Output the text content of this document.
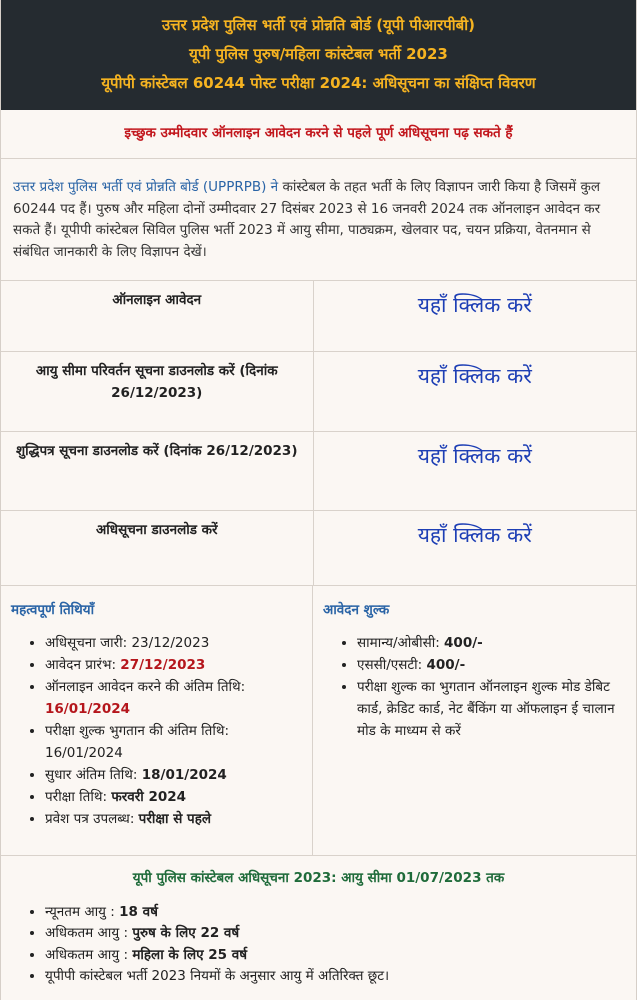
उत्तर प्रदेश पुलिस भर्ती एवं प्रोन्नति बोर्ड (यूपी पीआरपीबी)
यूपी पुलिस पुरुष/महिला कांस्टेबल भर्ती 2023
यूपीपी कांस्टेबल 60244 पोस्ट परीक्षा 2024: अधिसूचना का संक्षिप्त विवरण
इच्छुक उम्मीदवार ऑनलाइन आवेदन करने से पहले पूर्ण अधिसूचना पढ़ सकते हैं
उत्तर प्रदेश पुलिस भर्ती एवं प्रोन्नति बोर्ड (UPPRPB) ने कांस्टेबल के तहत भर्ती के लिए विज्ञापन जारी किया है जिसमें कुल 60244 पद हैं। पुरुष और महिला दोनों उम्मीदवार 27 दिसंबर 2023 से 16 जनवरी 2024 तक ऑनलाइन आवेदन कर सकते हैं। यूपीपी कांस्टेबल सिविल पुलिस भर्ती 2023 में आयु सीमा, पाठ्यक्रम, खेलवार पद, चयन प्रक्रिया, वेतनमान से संबंधित जानकारी के लिए विज्ञापन देखें।
ऑनलाइन आवेदन	यहाँ क्लिक करें
आयु सीमा परिवर्तन सूचना डाउनलोड करें (दिनांक 26/12/2023)	यहाँ क्लिक करें
शुद्धिपत्र सूचना डाउनलोड करें (दिनांक 26/12/2023)	यहाँ क्लिक करें
अधिसूचना डाउनलोड करें	यहाँ क्लिक करें
महत्वपूर्ण तिथियाँ
• अधिसूचना जारी: 23/12/2023
• आवेदन प्रारंभ: 27/12/2023
• ऑनलाइन आवेदन करने की अंतिम तिथि:
16/01/2024
• परीक्षा शुल्क भुगतान की अंतिम तिथि:
16/01/2024
• सुधार अंतिम तिथि: 18/01/2024
• परीक्षा तिथि: फरवरी 2024
• प्रवेश पत्र उपलब्ध: परीक्षा से पहले
आवेदन शुल्क
• सामान्य/ओबीसी: 400/-
• एससी/एसटी: 400/-
• परीक्षा शुल्क का भुगतान ऑनलाइन शुल्क मोड डेबिट कार्ड, क्रेडिट कार्ड, नेट बैंकिंग या ऑफलाइन ई चालान मोड के माध्यम से करें
यूपी पुलिस कांस्टेबल अधिसूचना 2023: आयु सीमा 01/07/2023 तक
• न्यूनतम आयु : 18 वर्ष
• अधिकतम आयु : पुरुष के लिए 22 वर्ष
• अधिकतम आयु : महिला के लिए 25 वर्ष
• यूपीपी कांस्टेबल भर्ती 2023 नियमों के अनुसार आयु में अतिरिक्त छूट।
